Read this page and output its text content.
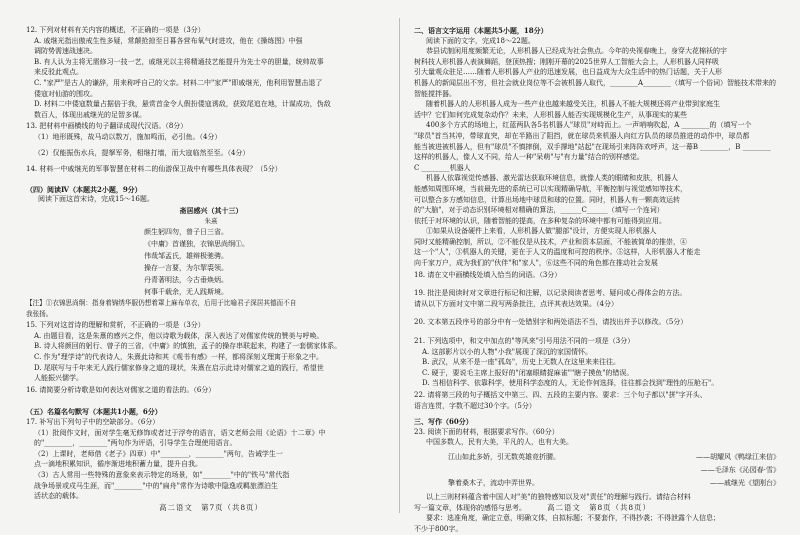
12. 下列对材料有关内容的概述，不正确的一项是（3分）

A. 戚继光指出傲戒生性多疑，常颠抢掠至日暮各营布氧气时进攻，他在《操练图》中强

调防势需速战速决。

B. 有人认为主将无需修习一技一艺，戚继光以主将精通技艺能提升为先士卒的胆量，统帅故事

来反驳此观点。

C. "家严"是古人的谦辞，用来称呼自己的父亲。材料二中"家严"即戚继光，他利用智慧击退了

倭寇对仙游的围攻。

D. 材料二中倭寇数量占据倍于我，悬赏首金令人假扮倭寇诱敌，获致尾追在地，计谋成功，伪敌

数百人，体现出戚继光的足智多谋。

13. 把材料中画横线的句子翻译成现代汉语。（8分）

（1）地形既殊，故马动以数万，施加鸣而，必引鱼。（4分）

（2）仅能振伤水兵，提拏军务，相继打墙，而大寇临然至至。（4分）

14. 材料一中戚继光的军事智慧在材料二的仙游保卫战中有哪些具体表现？（5分）

（四）阅读Ⅳ（本题共2小题，9分）

阅读下面这首宋诗，完成15～16题。

斋居感兴（其十三）

朱熹

颜生躬四勿，曾子日三省。

《中庸》首谨独，衣锦思尚䌹①。

伟哉邹孟氏，雄辩极驰骋。

操存一言要，为尔挈裘领。

丹青著明法，今古垂焕炳。

何事千载余，无人践斯境。

【注】①衣锦思尚䌹：指身着锦绣华服仍想着罩上麻布单衣，后用于比喻君子深居其德而不自

我张扬。

15. 下列对这首诗的理解和赏析，不正确的一项是（3分）

A. 由题目看，这是朱熹的感兴之作，他以诗歌为载体，深入表达了对儒家传统的赞美与呼唤。

B. 诗人将颜回的躬行、曾子的三省，《中庸》的慎独，孟子的操存串联起来，构建了一套儒家体系。

C. 作为"理学诗"的代表诗人，朱熹此诗和其《观书有感》一样，都将深刻义理寓于形象之中。

D. 尾联写与千年来无人践行儒家修身之道的现状，朱熹在启示此诗对儒家之道的践行，希望世

人能振兴儒学。

16. 请简要分析诗歌是如何表达对儒家之道的看法的。（6分）

（五）名篇名句默写（本题共1小题，6分）

17. 补写出下列句子中的空缺部分。（6分）

（1）批阅作文时，面对学生毫无修饰或者过于浮夸的语言，语文老师会用《论语》十二章》中

的"________，________"两句作为评语，引导学生合理使用语言。

（2）上课时，老师借《老子》四章）中"________，________"两句，告诫学生一

点一滴地积累知识，循序渐进地积蓄力量，提升自我。

（3）古人常用一些特殊的意象来表示特定的场景，如"________"中的"铁马"常代指

战争场景或戍马生涯，而"________"中的"扁舟"常作为诗歌中隐逸或羁旅漂泊生

活状态的载体。

二、语言文字运用（本题共5小题，18分）

阅读下面的文字，完成18～22题。

恭县试制闲用度频繁无论，人形机器人已经成为社会焦点。今年的央视春晚上，身穿大花棉袄的宇

树科技人形机器人表演舞蹈，登顶热搜；刚刚开幕的2025世界人工智能大会上，人形机器人同样吸

引大量观众驻足……随着人形机器人产业的迅速发展，也日益成为大众生活中的热门话题，关于人形

机器人的新闻层出不穷，但社会就业岗位等不会被机器人取代，________A________（填写一个俗词）智能技术带来的

智能搅拌器。

随着机器人的人形机器人成为一些产业也越来越受关注，机器人不能大规模还将产业带到家庭生

活中？它们如何完成复杂动作？未来，人形机器人能否实现规模化生产，从事现实的某些

400多个方式的场地上，红蓝两队各5名机器人"球员"对峙而上。一声哨响吹起，A ________的（填写一个

"球员"首当其冲，带球直突，却在半路出了阻挡，就在球员来机器人向红方队员的球员推进的动作中，球员都

能当被进被机器人，但有"球员"不慎摔倒，双手撑地"站起"在现场引来阵阵欢呼声，这一幕B ________，B ________

这样的机器人，像人又不同，给人一种"呆萌"与"有力量"结合的别样感觉。

C ________机器人

机器人依靠视觉传感器、激光雷达获取环境信息，就像人类的眼睛和皮肤，机器人

能感知周围环境，当前最先进的系统已可以实现精确导航，平衡控制与视觉感知等技术，

可以整合多方感知信息，计算出场地中球员和球的位置。同时，机器人有一颗高效运转

的"大脑"，对于动态识别环境相对精确的算法，______C______（填写一个连词）

依托于对环境的认识，随着智能的提高，在多种复杂的环境中都有可能得到应用。

①如果从设备硬件上来看，人形机器人做"腿部"设计，方便实现人形机器人

同时又能精确控制，所以，②不能仅是从技术，产业和资本层面，不能被简单的推崇，④

这一个"人"，③机器人的关键，更在于人文的温度和可控的秩序。⑤这样，人形机器人才能走

向千家万户，成为我们的"伙伴"和"家人"，⑥这些不同的角色都在推动社会发展

18. 请在文中画横线处填入恰当的词语。（3分）

19. 批注是阅读时对文章进行标记和注解，以记录阅读者思考、疑问或心得体会的方法。

请从以下方面对文中第二段写两条批注，点评其表达效果。（4分）

20. 文本第五段序号的部分中有一处错别字和两处语法不当，请找出并予以修改。（5分）

21. 下列选项中，和文中加点的"等风来"引号用法不同的一项是（3分）

A. 这部影片以小的人物"小我"展现了深沉的家国情怀。

B. 武汉，从来不是一座"孤岛"，历史上无数人在这里来来往往。

C. 硬于，要说毛主席上报好的"闭塞眼睛捉麻雀""瞎子摸鱼"的错误。

D. 当相信科学、依靠科学，使用科学态度的人，无论作何选择，往往都会找到"理性的压舱石"。

22. 请将第三段的句子概括文中第三、四、五段的主要内容。要求：三个句子都以"拼"字开头、

语言连贯，字数不超过30个字。（5分）

三、写作（60分）

23. 阅读下面的材料，根据要求写作。（60分）

中国多数人，民有大美，平凡的人，也有大美。

江山如此多娇，引无数英雄竞折腰。	——胡耀风《鸭绿江来信》
——毛泽东《沁园春·雪》
擎着桑木子，流动中弄世界。	——戚继光《望刚台》

以上三则材料蕴含着中国人对"美"的独特感知以及对"责任"的理解与践行。请结合材料

写一篇文章，体现你的感悟与思考。

要求：选准角度，确定立意，明确文体，自拟标题；不要套作，不得抄袭；不得泄露个人信息；

不少于800字。

高二语文　第7页（共8页）	高二语文　第8页（共8页）
